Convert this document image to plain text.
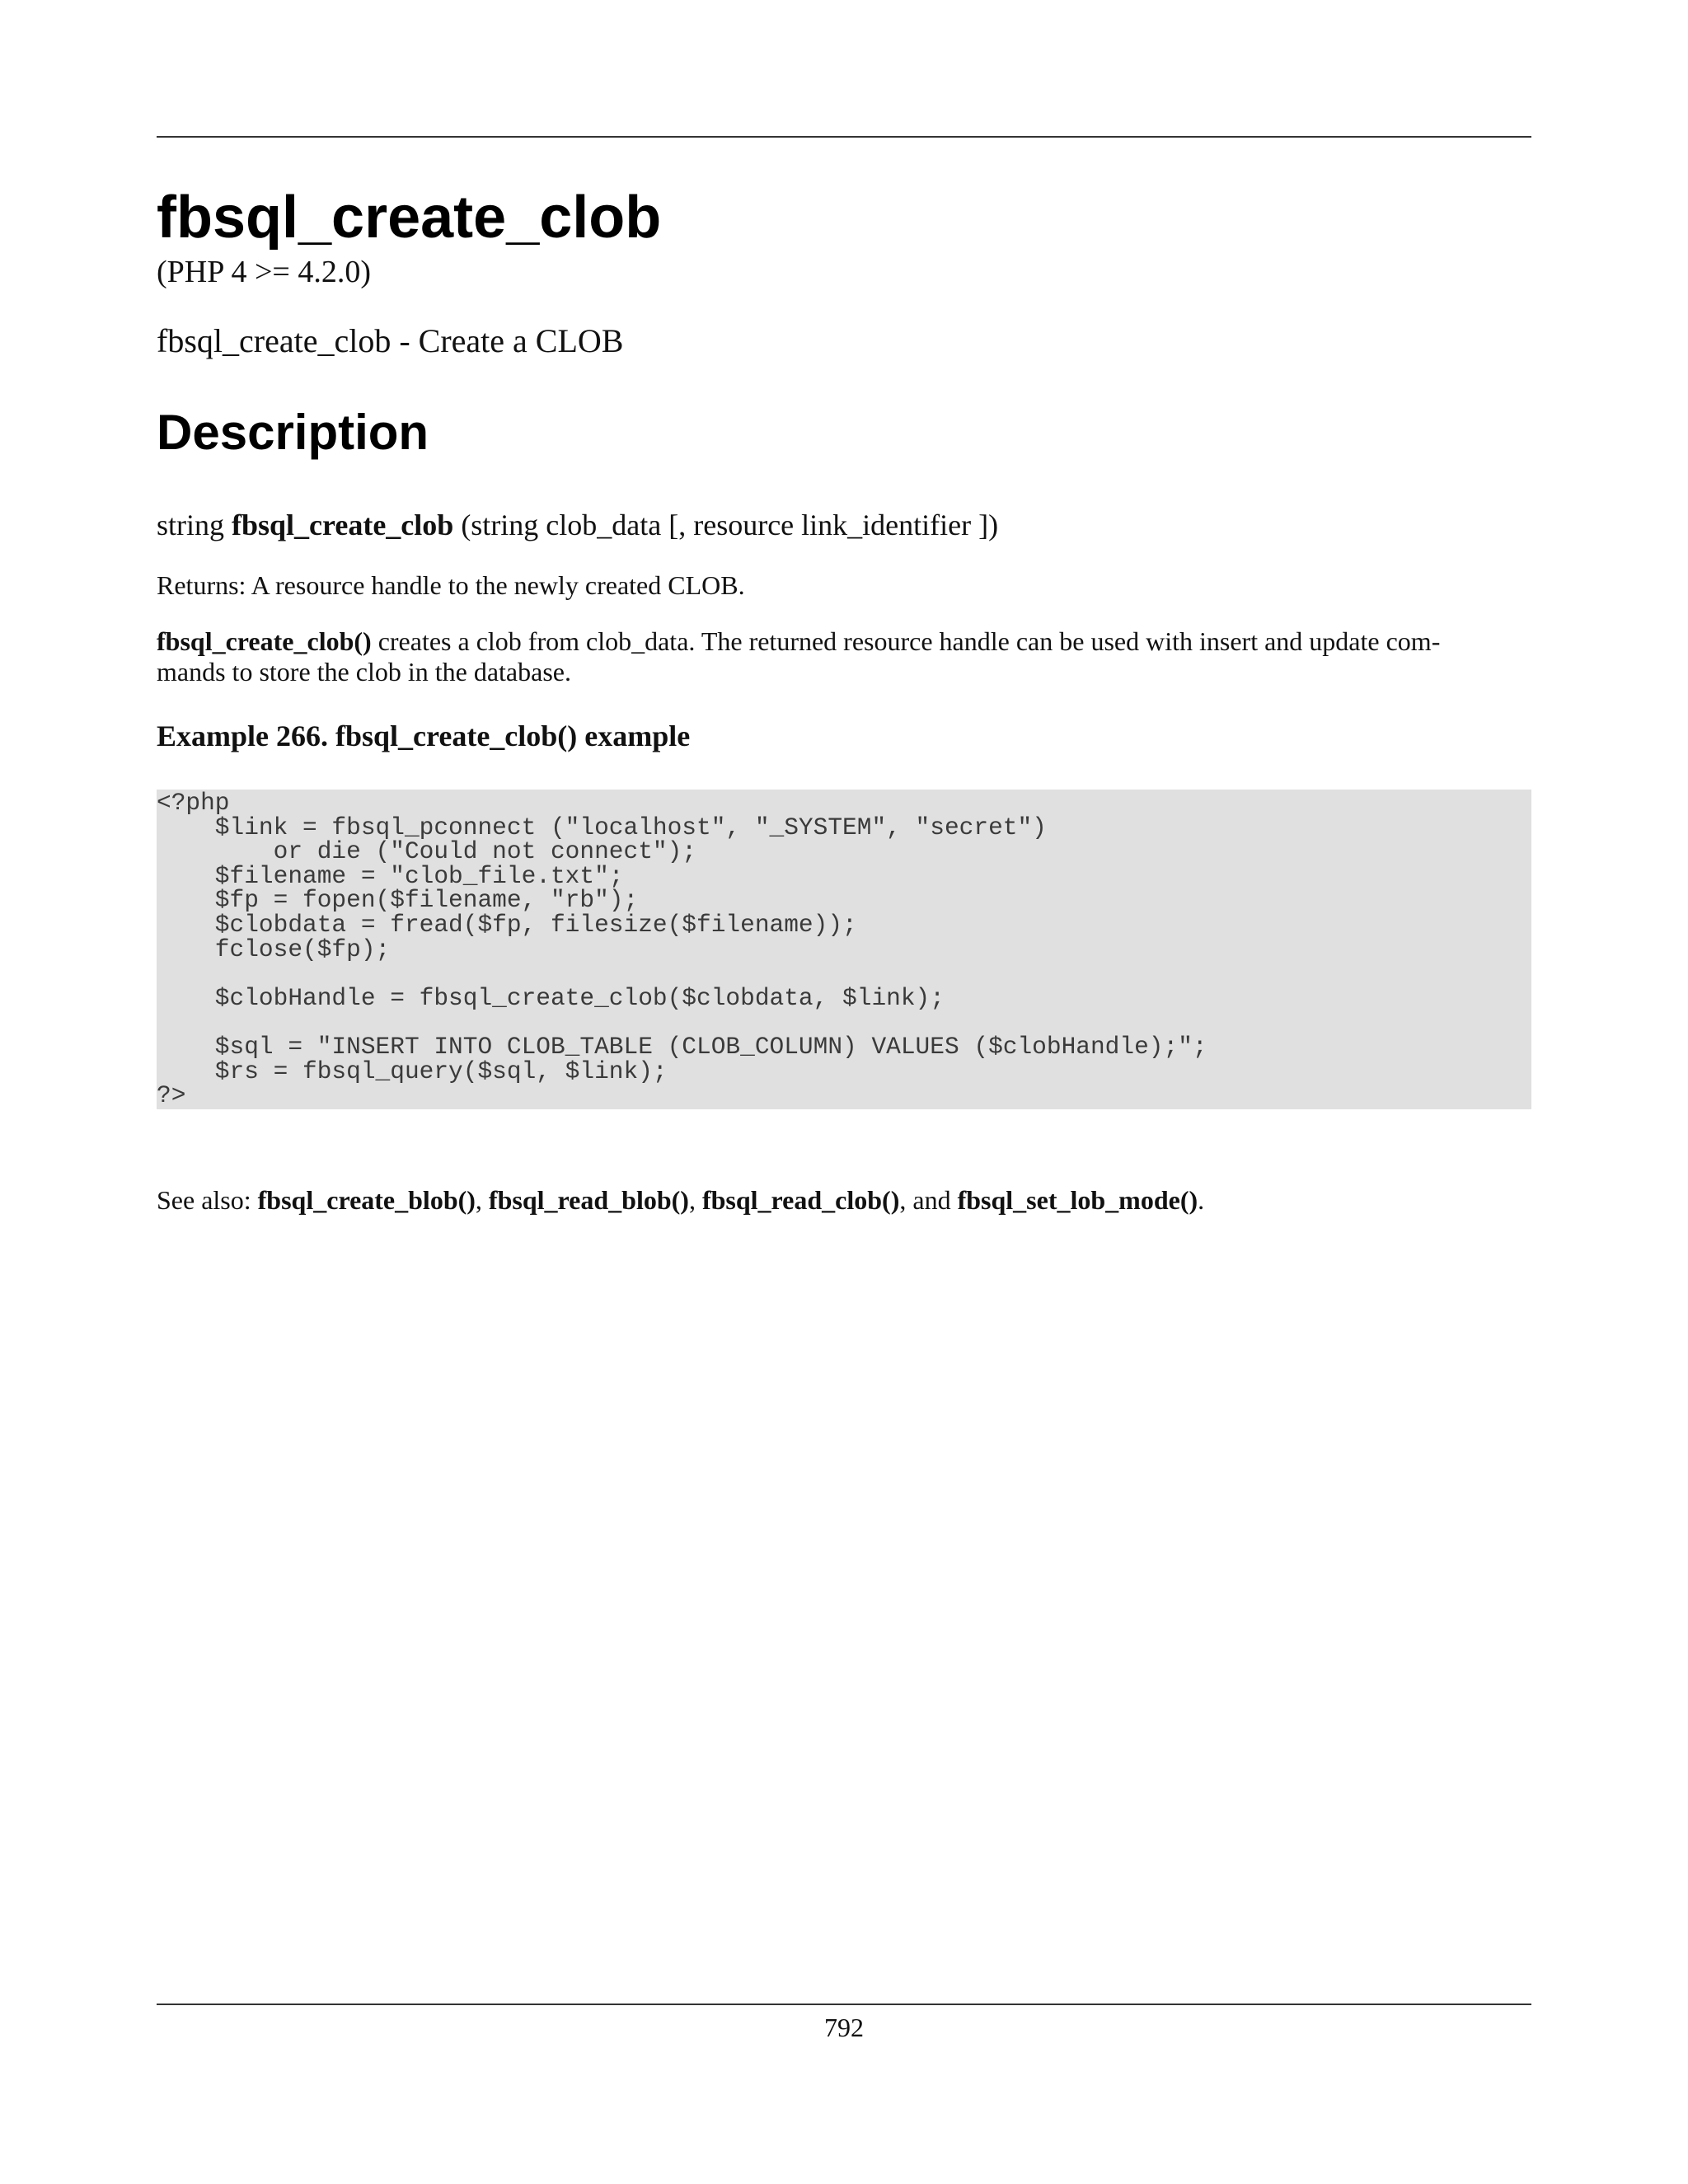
fbsql_create_clob
(PHP 4 >= 4.2.0)
fbsql_create_clob - Create a CLOB
Description
string fbsql_create_clob (string clob_data [, resource link_identifier ])
Returns: A resource handle to the newly created CLOB.
fbsql_create_clob() creates a clob from clob_data. The returned resource handle can be used with insert and update com-
mands to store the clob in the database.
Example 266. fbsql_create_clob() example
<?php
$link = fbsql_pconnect ("localhost", "_SYSTEM", "secret")
or die ("Could not connect");
$filename = "clob_file.txt";
$fp = fopen($filename, "rb");
$clobdata = fread($fp, filesize($filename));
fclose($fp);

$clobHandle = fbsql_create_clob($clobdata, $link);

$sql = "INSERT INTO CLOB_TABLE (CLOB_COLUMN) VALUES ($clobHandle);";
$rs = fbsql_query($sql, $link);
?>
See also: fbsql_create_blob(), fbsql_read_blob(), fbsql_read_clob(), and fbsql_set_lob_mode().
792
